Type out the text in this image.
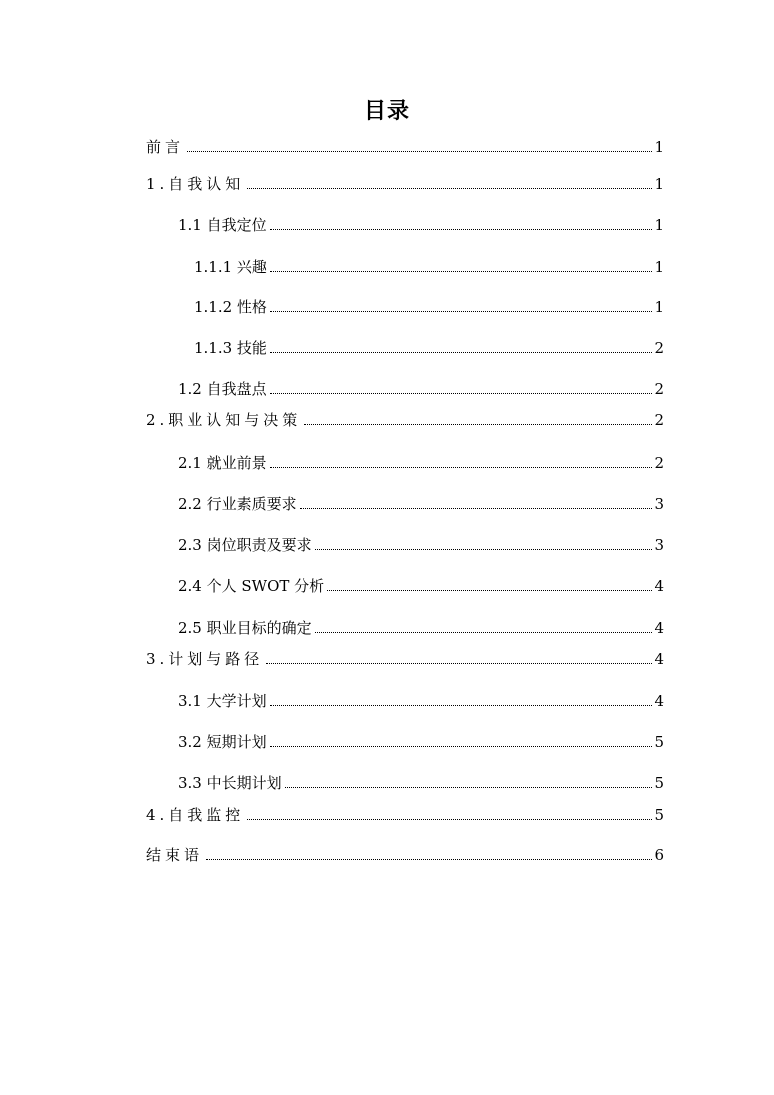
目录
前言	1
1.自我认知	1
1.1 自我定位	1
1.1.1 兴趣	1
1.1.2 性格	1
1.1.3 技能	2
1.2 自我盘点	2
2.职业认知与决策	2
2.1 就业前景	2
2.2 行业素质要求	3
2.3 岗位职责及要求	3
2.4 个人 SWOT 分析	4
2.5 职业目标的确定	4
3.计划与路径	4
3.1 大学计划	4
3.2 短期计划	5
3.3 中长期计划	5
4.自我监控	5
结束语	6
